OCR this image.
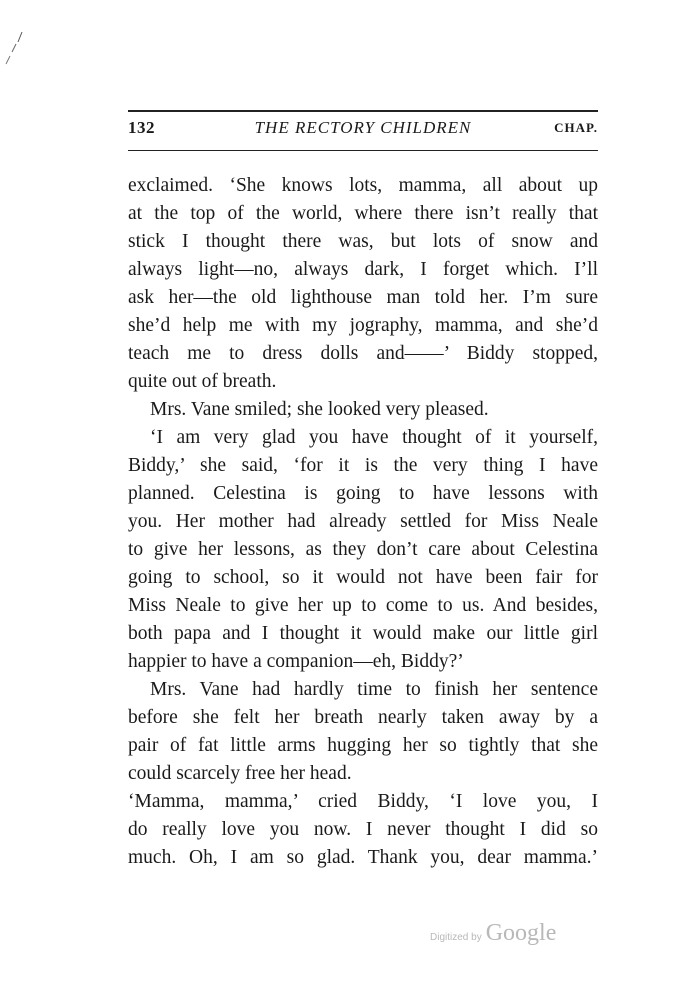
132	THE RECTORY CHILDREN	CHAP.
exclaimed. ‘She knows lots, mamma, all about up
at the top of the world, where there isn’t really that
stick I thought there was, but lots of snow and
always light—no, always dark, I forget which. I’ll
ask her—the old lighthouse man told her. I’m sure
she’d help me with my jography, mamma, and she’d
teach me to dress dolls and——’ Biddy stopped,
quite out of breath.
Mrs. Vane smiled; she looked very pleased.
‘I am very glad you have thought of it yourself,
Biddy,’ she said, ‘for it is the very thing I have
planned. Celestina is going to have lessons with
you. Her mother had already settled for Miss Neale
to give her lessons, as they don’t care about Celestina
going to school, so it would not have been fair for
Miss Neale to give her up to come to us. And besides,
both papa and I thought it would make our little girl
happier to have a companion—eh, Biddy?’
Mrs. Vane had hardly time to finish her sentence
before she felt her breath nearly taken away by a
pair of fat little arms hugging her so tightly that she
could scarcely free her head.
‘Mamma, mamma,’ cried Biddy, ‘I love you, I
do really love you now. I never thought I did so
much. Oh, I am so glad. Thank you, dear mamma.’
Digitized by Google
